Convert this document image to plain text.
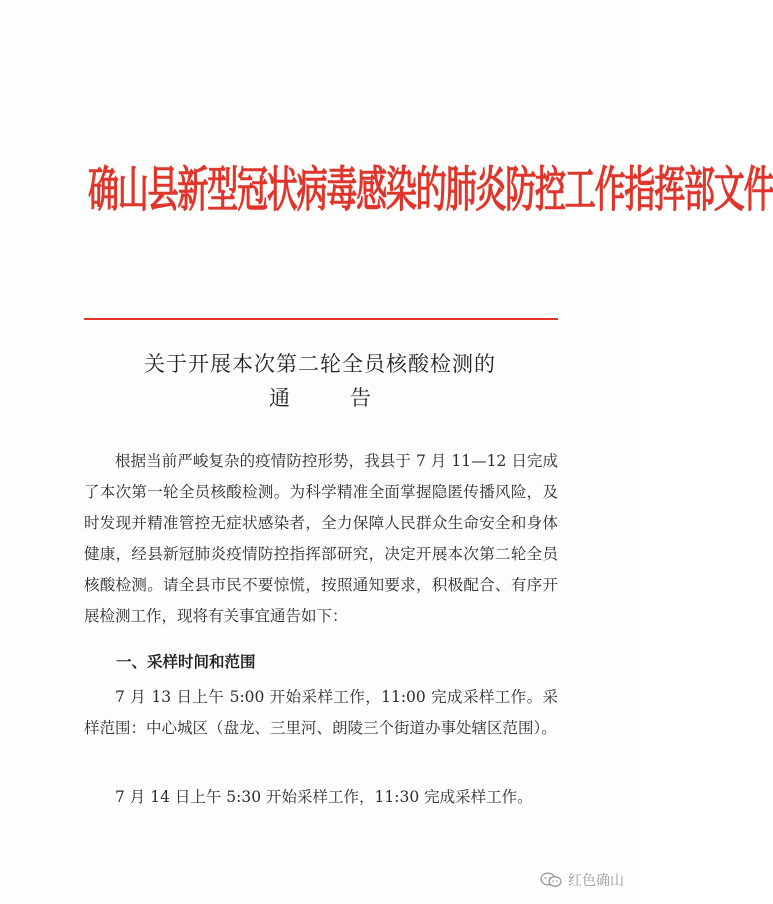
确山县新型冠状病毒感染的肺炎防控工作指挥部文件
关于开展本次第二轮全员核酸检测的
通	告

根据当前严峻复杂的疫情防控形势，我县于 7 月 11—12 日完成了本次第一轮全员核酸检测。为科学精准全面掌握隐匿传播风险，及时发现并精准管控无症状感染者，全力保障人民群众生命安全和身体健康，经县新冠肺炎疫情防控指挥部研究，决定开展本次第二轮全员核酸检测。请全县市民不要惊慌，按照通知要求，积极配合、有序开展检测工作，现将有关事宜通告如下：

一、采样时间和范围

7 月 13 日上午 5:00 开始采样工作，11:00 完成采样工作。采样范围：中心城区（盘龙、三里河、朗陵三个街道办事处辖区范围）。

7 月 14 日上午 5:30 开始采样工作，11:30 完成采样工作。

红色确山
